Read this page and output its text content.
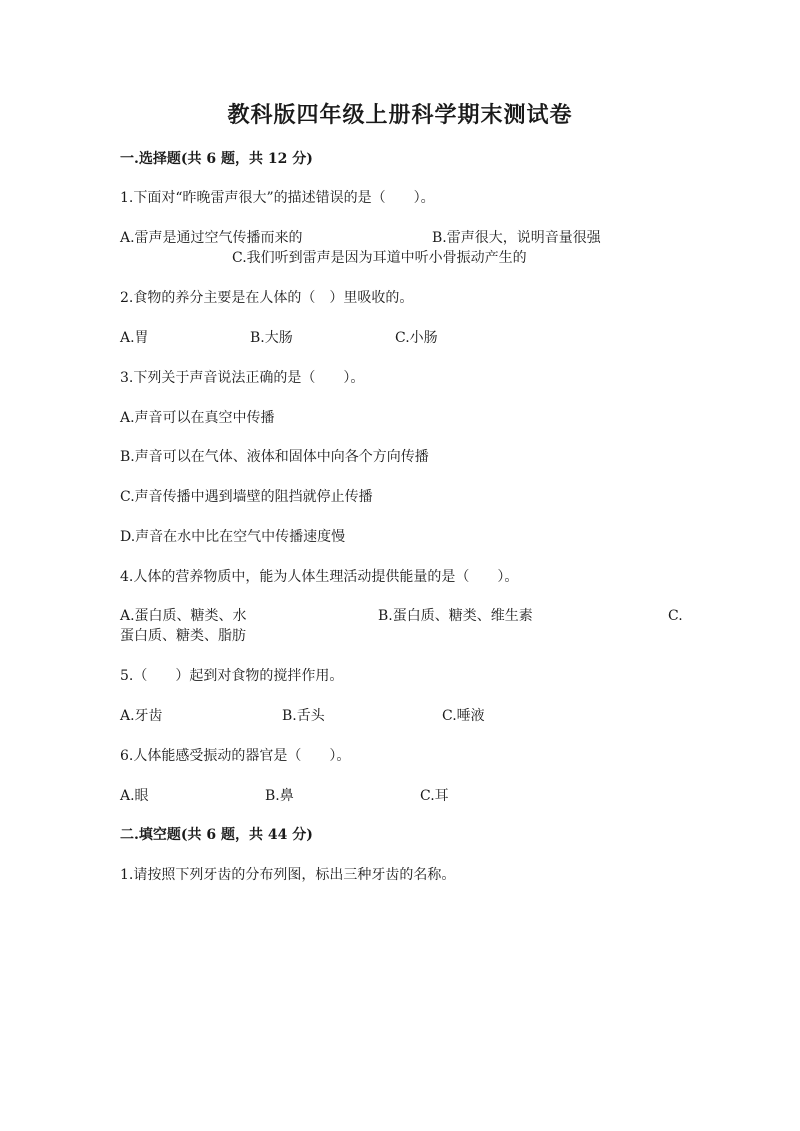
教科版四年级上册科学期末测试卷
一.选择题(共 6 题，共 12 分)
1.下面对“昨晚雷声很大”的描述错误的是（　　）。
A.雷声是通过空气传播而来的	B.雷声很大，说明音量很强
C.我们听到雷声是因为耳道中听小骨振动产生的
2.食物的养分主要是在人体的（　）里吸收的。
A.胃	B.大肠	C.小肠
3.下列关于声音说法正确的是（　　）。
A.声音可以在真空中传播
B.声音可以在气体、液体和固体中向各个方向传播
C.声音传播中遇到墙壁的阻挡就停止传播
D.声音在水中比在空气中传播速度慢
4.人体的营养物质中，能为人体生理活动提供能量的是（　　）。
A.蛋白质、糖类、水	B.蛋白质、糖类、维生素	C.
蛋白质、糖类、脂肪
5.（　　）起到对食物的搅拌作用。
A.牙齿	B.舌头	C.唾液
6.人体能感受振动的器官是（　　）。
A.眼	B.鼻	C.耳
二.填空题(共 6 题，共 44 分)
1.请按照下列牙齿的分布列图，标出三种牙齿的名称。
